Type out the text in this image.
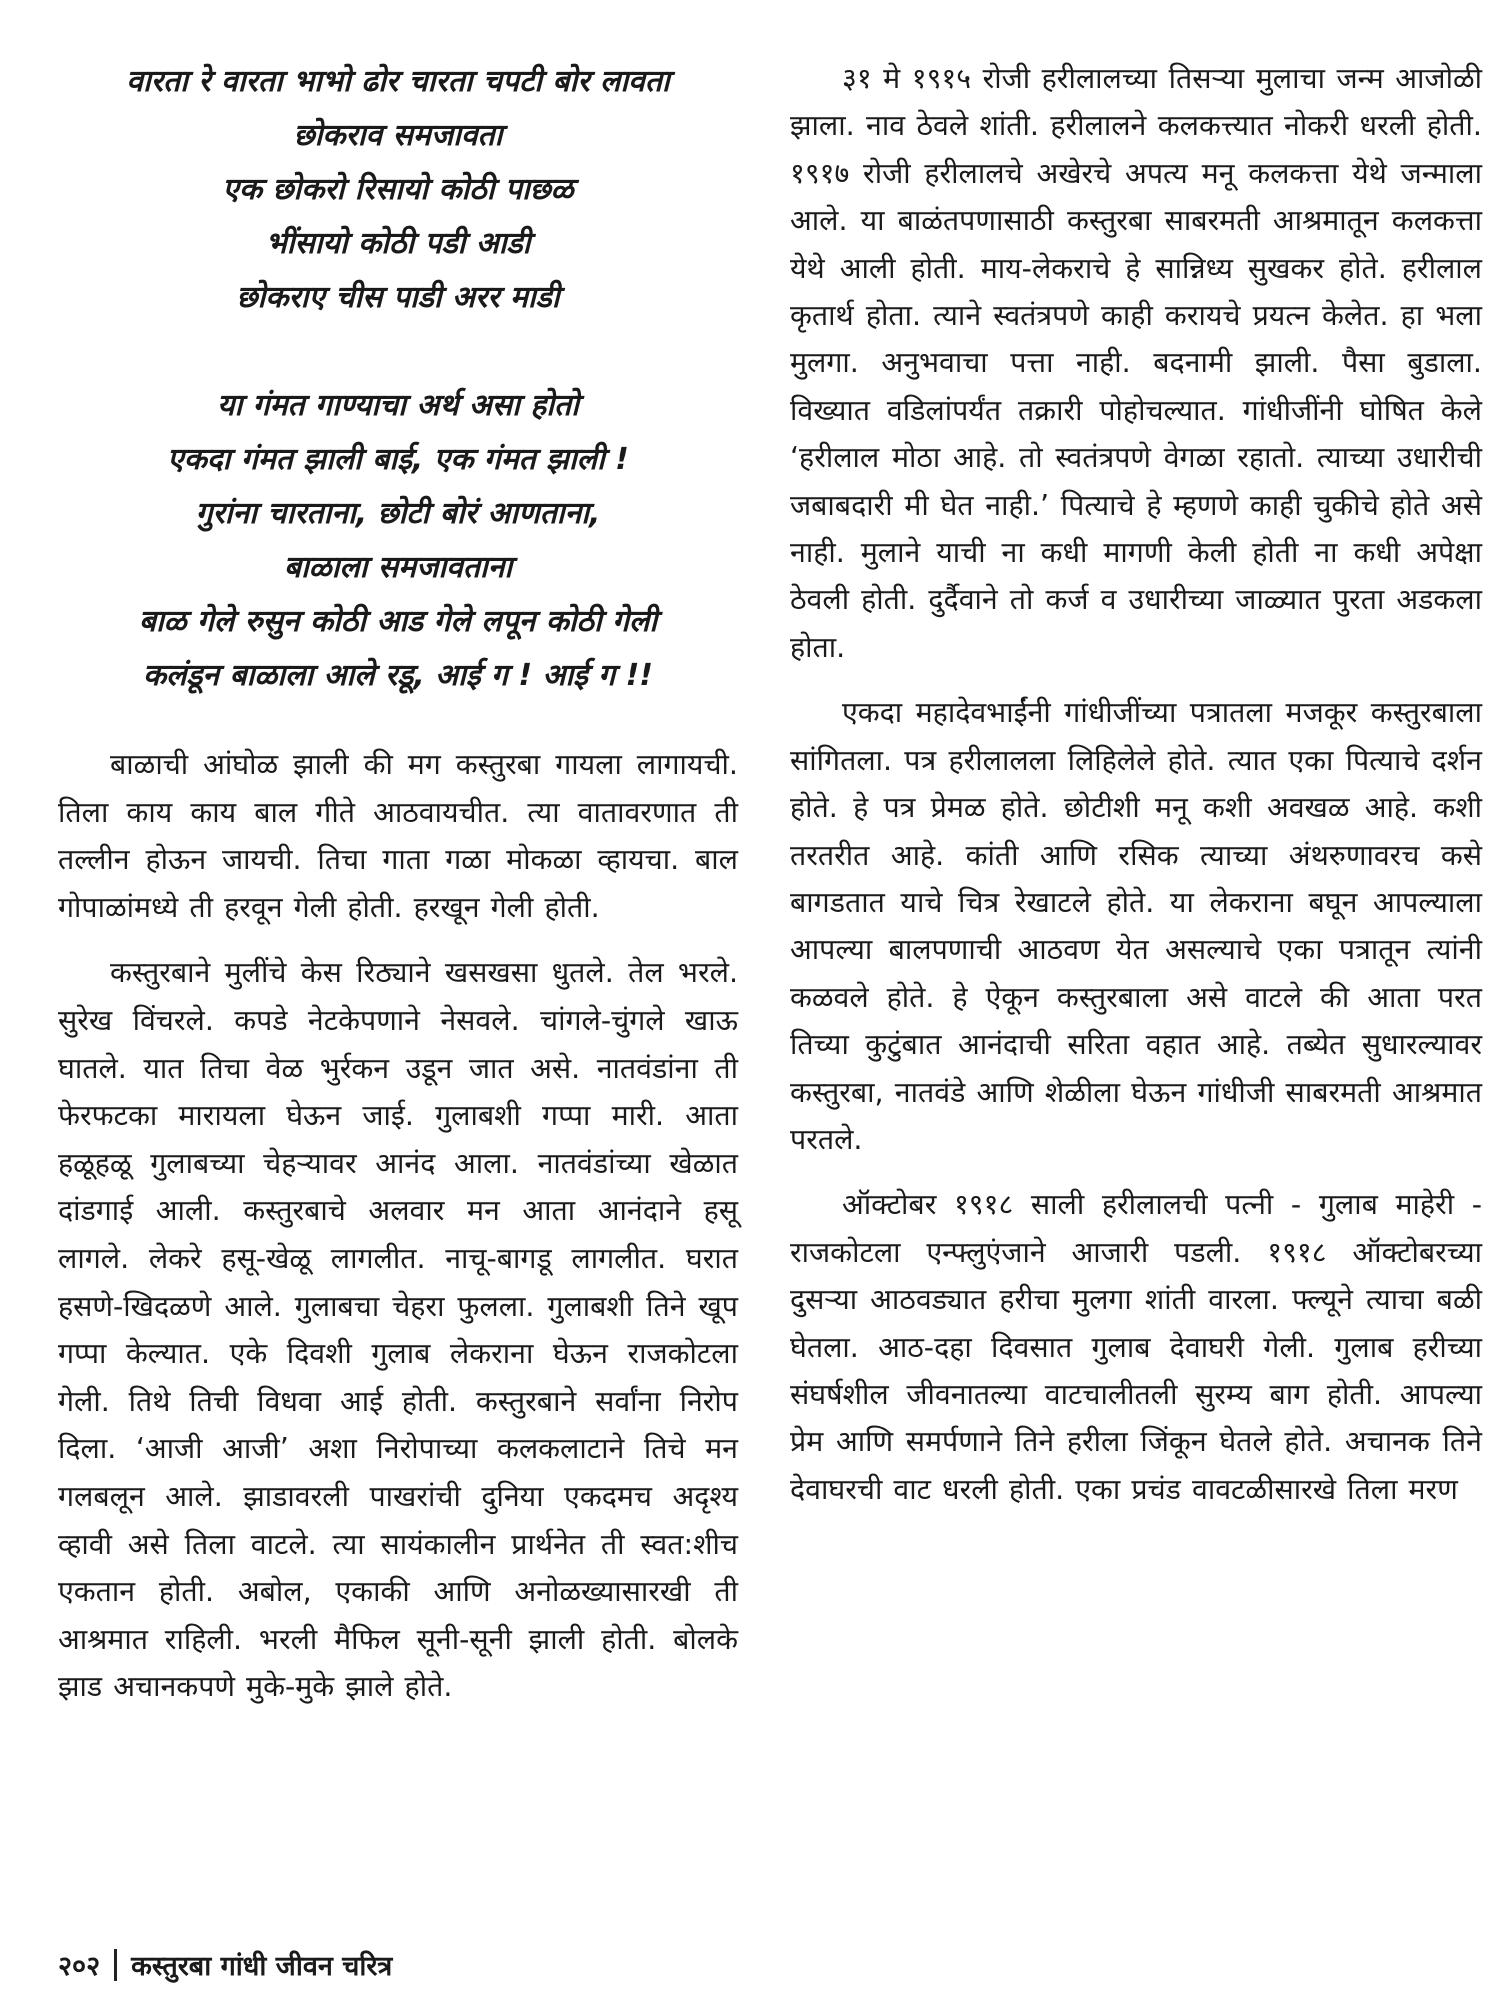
वारता रे वारता भाभो ढोर चारता चपटी बोर लावता
छोकराव समजावता
एक छोकरो रिसायो कोठी पाछळ
भींसायो कोठी पडी आडी
छोकराए चीस पाडी अरर माडी
या गंमत गाण्याचा अर्थ असा होतो
एकदा गंमत झाली बाई, एक गंमत झाली !
गुरांना चारताना, छोटी बोरं आणताना,
बाळाला समजावताना
बाळ गेले रुसुन कोठी आड गेले लपून कोठी गेली
कलंडून बाळाला आले रडू, आई ग ! आई ग !!

बाळाची आंघोळ झाली की मग कस्तुरबा गायला लागायची. तिला काय काय बाल गीते आठवायचीत. त्या वातावरणात ती तल्लीन होऊन जायची. तिचा गाता गळा मोकळा व्हायचा. बाल गोपाळांमध्ये ती हरवून गेली होती. हरखून गेली होती.

कस्तुरबाने मुलींचे केस रिठ्याने खसखसा धुतले. तेल भरले. सुरेख विंचरले. कपडे नेटकेपणाने नेसवले. चांगले-चुंगले खाऊ घातले. यात तिचा वेळ भुर्रकन उडून जात असे. नातवंडांना ती फेरफटका मारायला घेऊन जाई. गुलाबशी गप्पा मारी. आता हळूहळू गुलाबच्या चेहऱ्यावर आनंद आला. नातवंडांच्या खेळात दांडगाई आली. कस्तुरबाचे अलवार मन आता आनंदाने हसू लागले. लेकरे हसू-खेळू लागलीत. नाचू-बागडू लागलीत. घरात हसणे-खिदळणे आले. गुलाबचा चेहरा फुलला. गुलाबशी तिने खूप गप्पा केल्यात. एके दिवशी गुलाब लेकराना घेऊन राजकोटला गेली. तिथे तिची विधवा आई होती. कस्तुरबाने सर्वांना निरोप दिला. ‘आजी आजी’ अशा निरोपाच्या कलकलाटाने तिचे मन गलबलून आले. झाडावरली पाखरांची दुनिया एकदमच अदृश्य व्हावी असे तिला वाटले. त्या सायंकालीन प्रार्थनेत ती स्वत:शीच एकतान होती. अबोल, एकाकी आणि अनोळख्यासारखी ती आश्रमात राहिली. भरली मैफिल सूनी-सूनी झाली होती. बोलके झाड अचानकपणे मुके-मुके झाले होते.

३१ मे १९१५ रोजी हरीलालच्या तिसऱ्या मुलाचा जन्म आजोळी झाला. नाव ठेवले शांती. हरीलालने कलकत्त्यात नोकरी धरली होती. १९१७ रोजी हरीलालचे अखेरचे अपत्य मनू कलकत्ता येथे जन्माला आले. या बाळंतपणासाठी कस्तुरबा साबरमती आश्रमातून कलकत्ता येथे आली होती. माय-लेकराचे हे सान्निध्य सुखकर होते. हरीलाल कृतार्थ होता. त्याने स्वतंत्रपणे काही करायचे प्रयत्न केलेत. हा भला मुलगा. अनुभवाचा पत्ता नाही. बदनामी झाली. पैसा बुडाला. विख्यात वडिलांपर्यंत तक्रारी पोहोचल्यात. गांधीजींनी घोषित केले ‘हरीलाल मोठा आहे. तो स्वतंत्रपणे वेगळा रहातो. त्याच्या उधारीची जबाबदारी मी घेत नाही.’ पित्याचे हे म्हणणे काही चुकीचे होते असे नाही. मुलाने याची ना कधी मागणी केली होती ना कधी अपेक्षा ठेवली होती. दुर्दैवाने तो कर्ज व उधारीच्या जाळ्यात पुरता अडकला होता.

एकदा महादेवभाईंनी गांधीजींच्या पत्रातला मजकूर कस्तुरबाला सांगितला. पत्र हरीलालला लिहिलेले होते. त्यात एका पित्याचे दर्शन होते. हे पत्र प्रेमळ होते. छोटीशी मनू कशी अवखळ आहे. कशी तरतरीत आहे. कांती आणि रसिक त्याच्या अंथरुणावरच कसे बागडतात याचे चित्र रेखाटले होते. या लेकराना बघून आपल्याला आपल्या बालपणाची आठवण येत असल्याचे एका पत्रातून त्यांनी कळवले होते. हे ऐकून कस्तुरबाला असे वाटले की आता परत तिच्या कुटुंबात आनंदाची सरिता वहात आहे. तब्येत सुधारल्यावर कस्तुरबा, नातवंडे आणि शेळीला घेऊन गांधीजी साबरमती आश्रमात परतले.

ऑक्टोबर १९१८ साली हरीलालची पत्नी - गुलाब माहेरी - राजकोटला एन्फ्लुएंजाने आजारी पडली. १९१८ ऑक्टोबरच्या दुसऱ्या आठवड्यात हरीचा मुलगा शांती वारला. फ्ल्यूने त्याचा बळी घेतला. आठ-दहा दिवसात गुलाब देवाघरी गेली. गुलाब हरीच्या संघर्षशील जीवनातल्या वाटचालीतली सुरम्य बाग होती. आपल्या प्रेम आणि समर्पणाने तिने हरीला जिंकून घेतले होते. अचानक तिने देवाघरची वाट धरली होती. एका प्रचंड वावटळीसारखे तिला मरण

२०२ कस्तुरबा गांधी जीवन चरित्र
